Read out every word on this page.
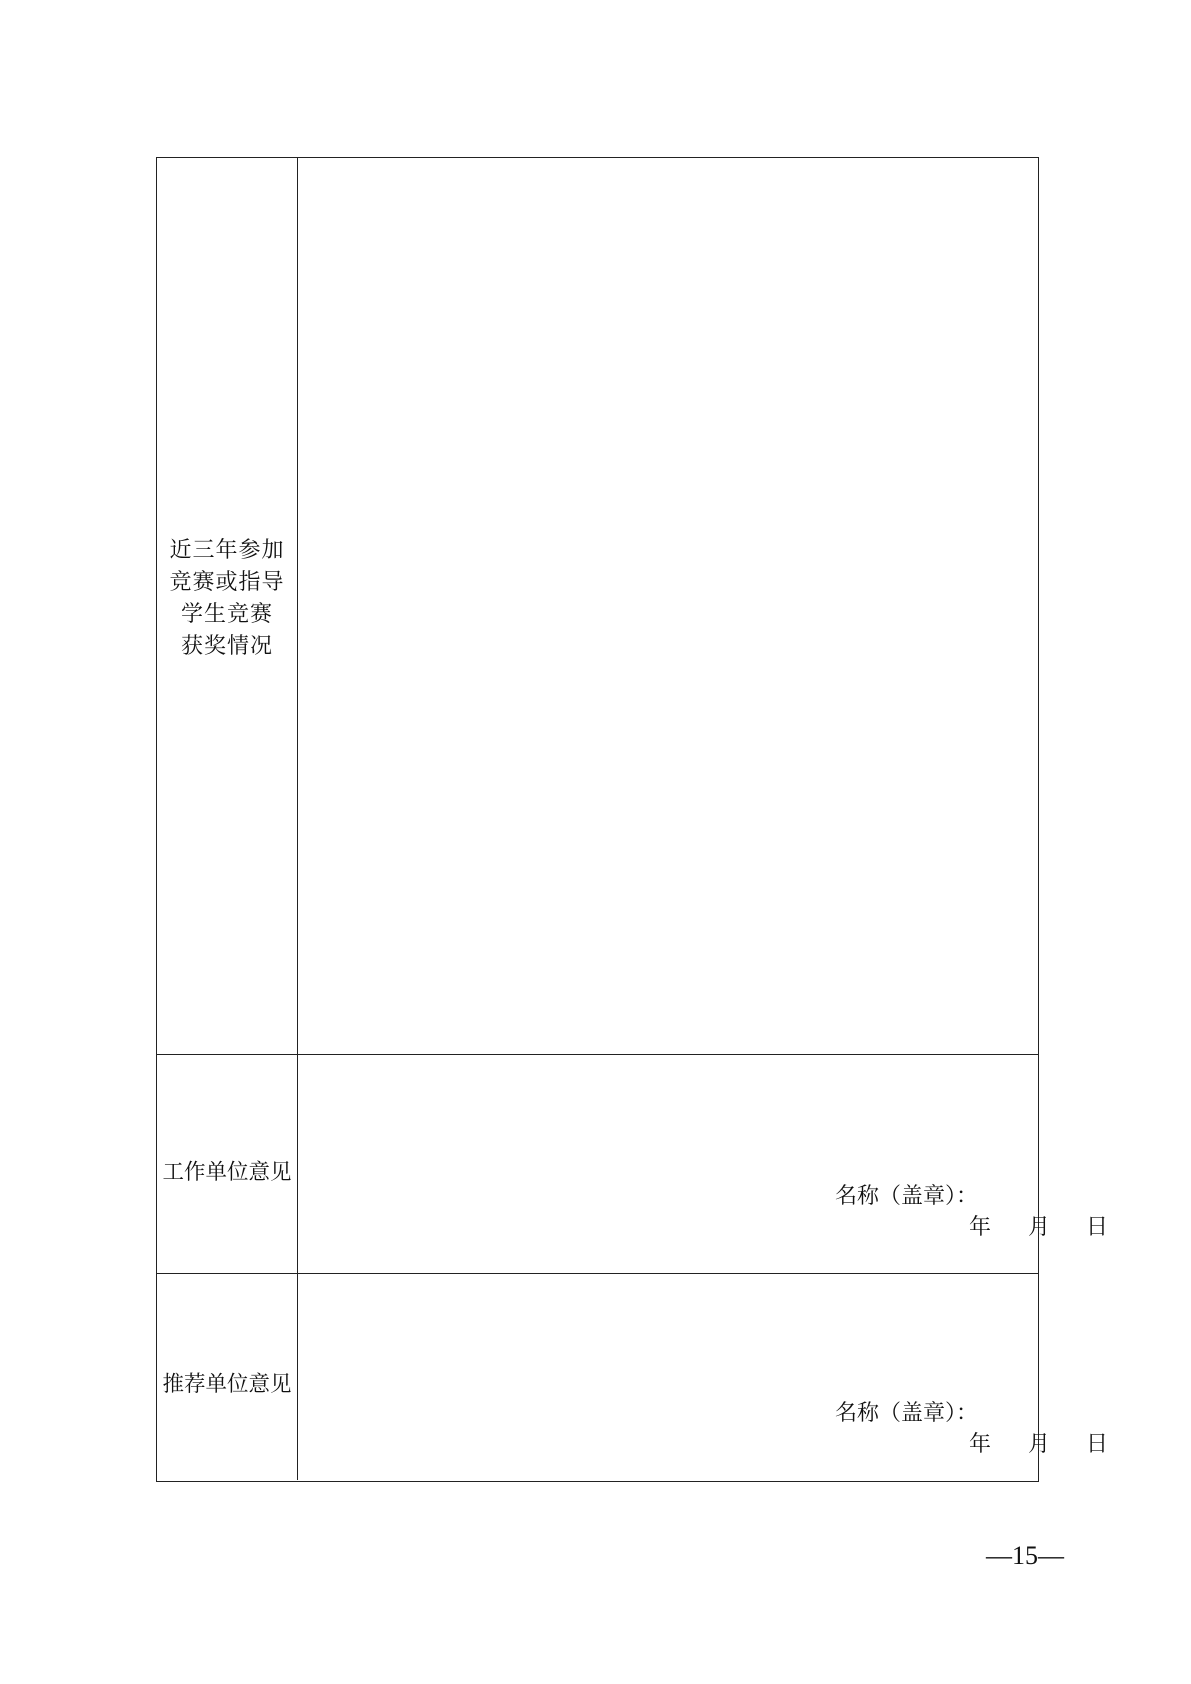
近三年参加
竞赛或指导
学生竞赛
获奖情况
工作单位意见
名称（盖章）：
年	月	日
推荐单位意见
名称（盖章）：
年	月	日
—15—
